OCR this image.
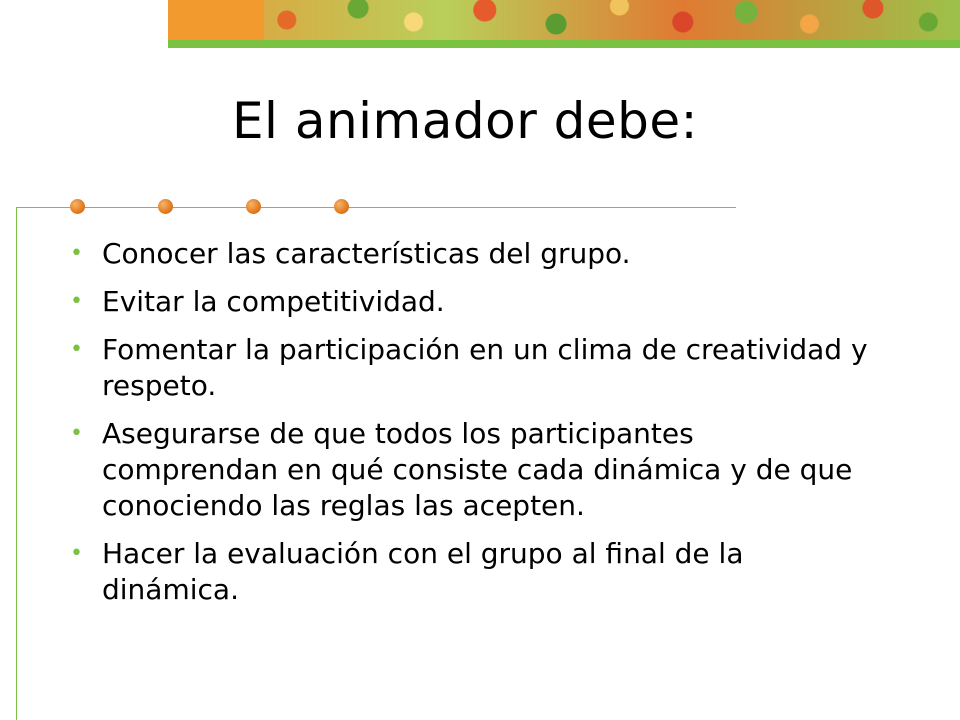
El animador debe:
• Conocer las características del grupo.
• Evitar la competitividad.
• Fomentar la participación en un clima de creatividad y respeto.
• Asegurarse de que todos los participantes comprendan en qué consiste cada dinámica y de que conociendo las reglas las acepten.
• Hacer la evaluación con el grupo al final de la dinámica.
